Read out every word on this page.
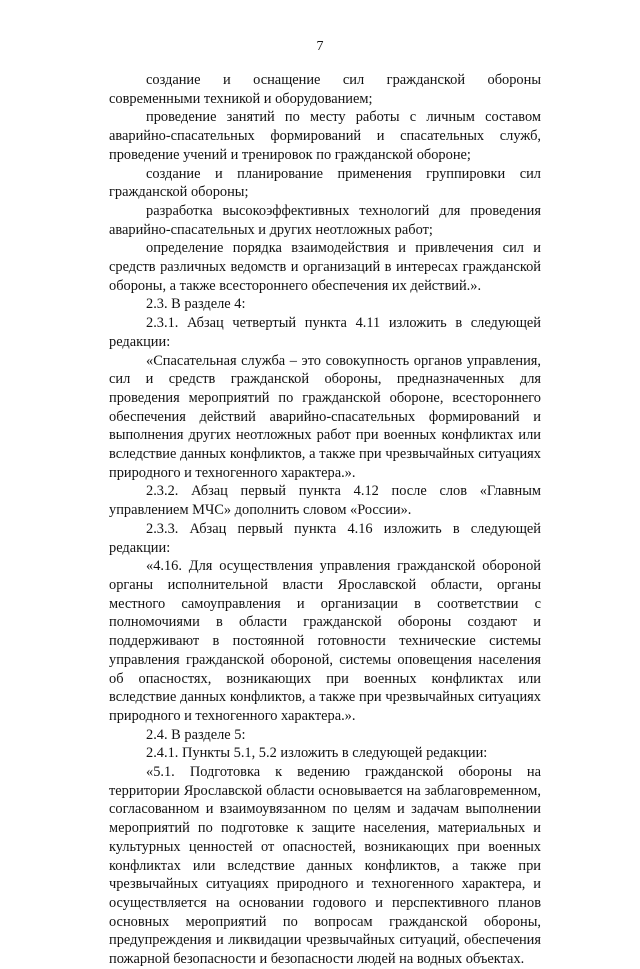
7

создание и оснащение сил гражданской обороны современными техникой и оборудованием;

проведение занятий по месту работы с личным составом аварийно-спасательных формирований и спасательных служб, проведение учений и тренировок по гражданской обороне;

создание и планирование применения группировки сил гражданской обороны;

разработка высокоэффективных технологий для проведения аварийно-спасательных и других неотложных работ;

определение порядка взаимодействия и привлечения сил и средств различных ведомств и организаций в интересах гражданской обороны, а также всестороннего обеспечения их действий.».

2.3. В разделе 4:

2.3.1. Абзац четвертый пункта 4.11 изложить в следующей редакции:

«Спасательная служба – это совокупность органов управления, сил и средств гражданской обороны, предназначенных для проведения мероприятий по гражданской обороне, всестороннего обеспечения действий аварийно-спасательных формирований и выполнения других неотложных работ при военных конфликтах или вследствие данных конфликтов, а также при чрезвычайных ситуациях природного и техногенного характера.».

2.3.2. Абзац первый пункта 4.12 после слов «Главным управлением МЧС» дополнить словом «России».

2.3.3. Абзац первый пункта 4.16 изложить в следующей редакции:

«4.16. Для осуществления управления гражданской обороной органы исполнительной власти Ярославской области, органы местного самоуправления и организации в соответствии с полномочиями в области гражданской обороны создают и поддерживают в постоянной готовности технические системы управления гражданской обороной, системы оповещения населения об опасностях, возникающих при военных конфликтах или вследствие данных конфликтов, а также при чрезвычайных ситуациях природного и техногенного характера.».

2.4. В разделе 5:

2.4.1. Пункты 5.1, 5.2 изложить в следующей редакции:

«5.1. Подготовка к ведению гражданской обороны на территории Ярославской области основывается на заблаговременном, согласованном и взаимоувязанном по целям и задачам выполнении мероприятий по подготовке к защите населения, материальных и культурных ценностей от опасностей, возникающих при военных конфликтах или вследствие данных конфликтов, а также при чрезвычайных ситуациях природного и техногенного характера, и осуществляется на основании годового и перспективного планов основных мероприятий по вопросам гражданской обороны, предупреждения и ликвидации чрезвычайных ситуаций, обеспечения пожарной безопасности и безопасности людей на водных объектах.
